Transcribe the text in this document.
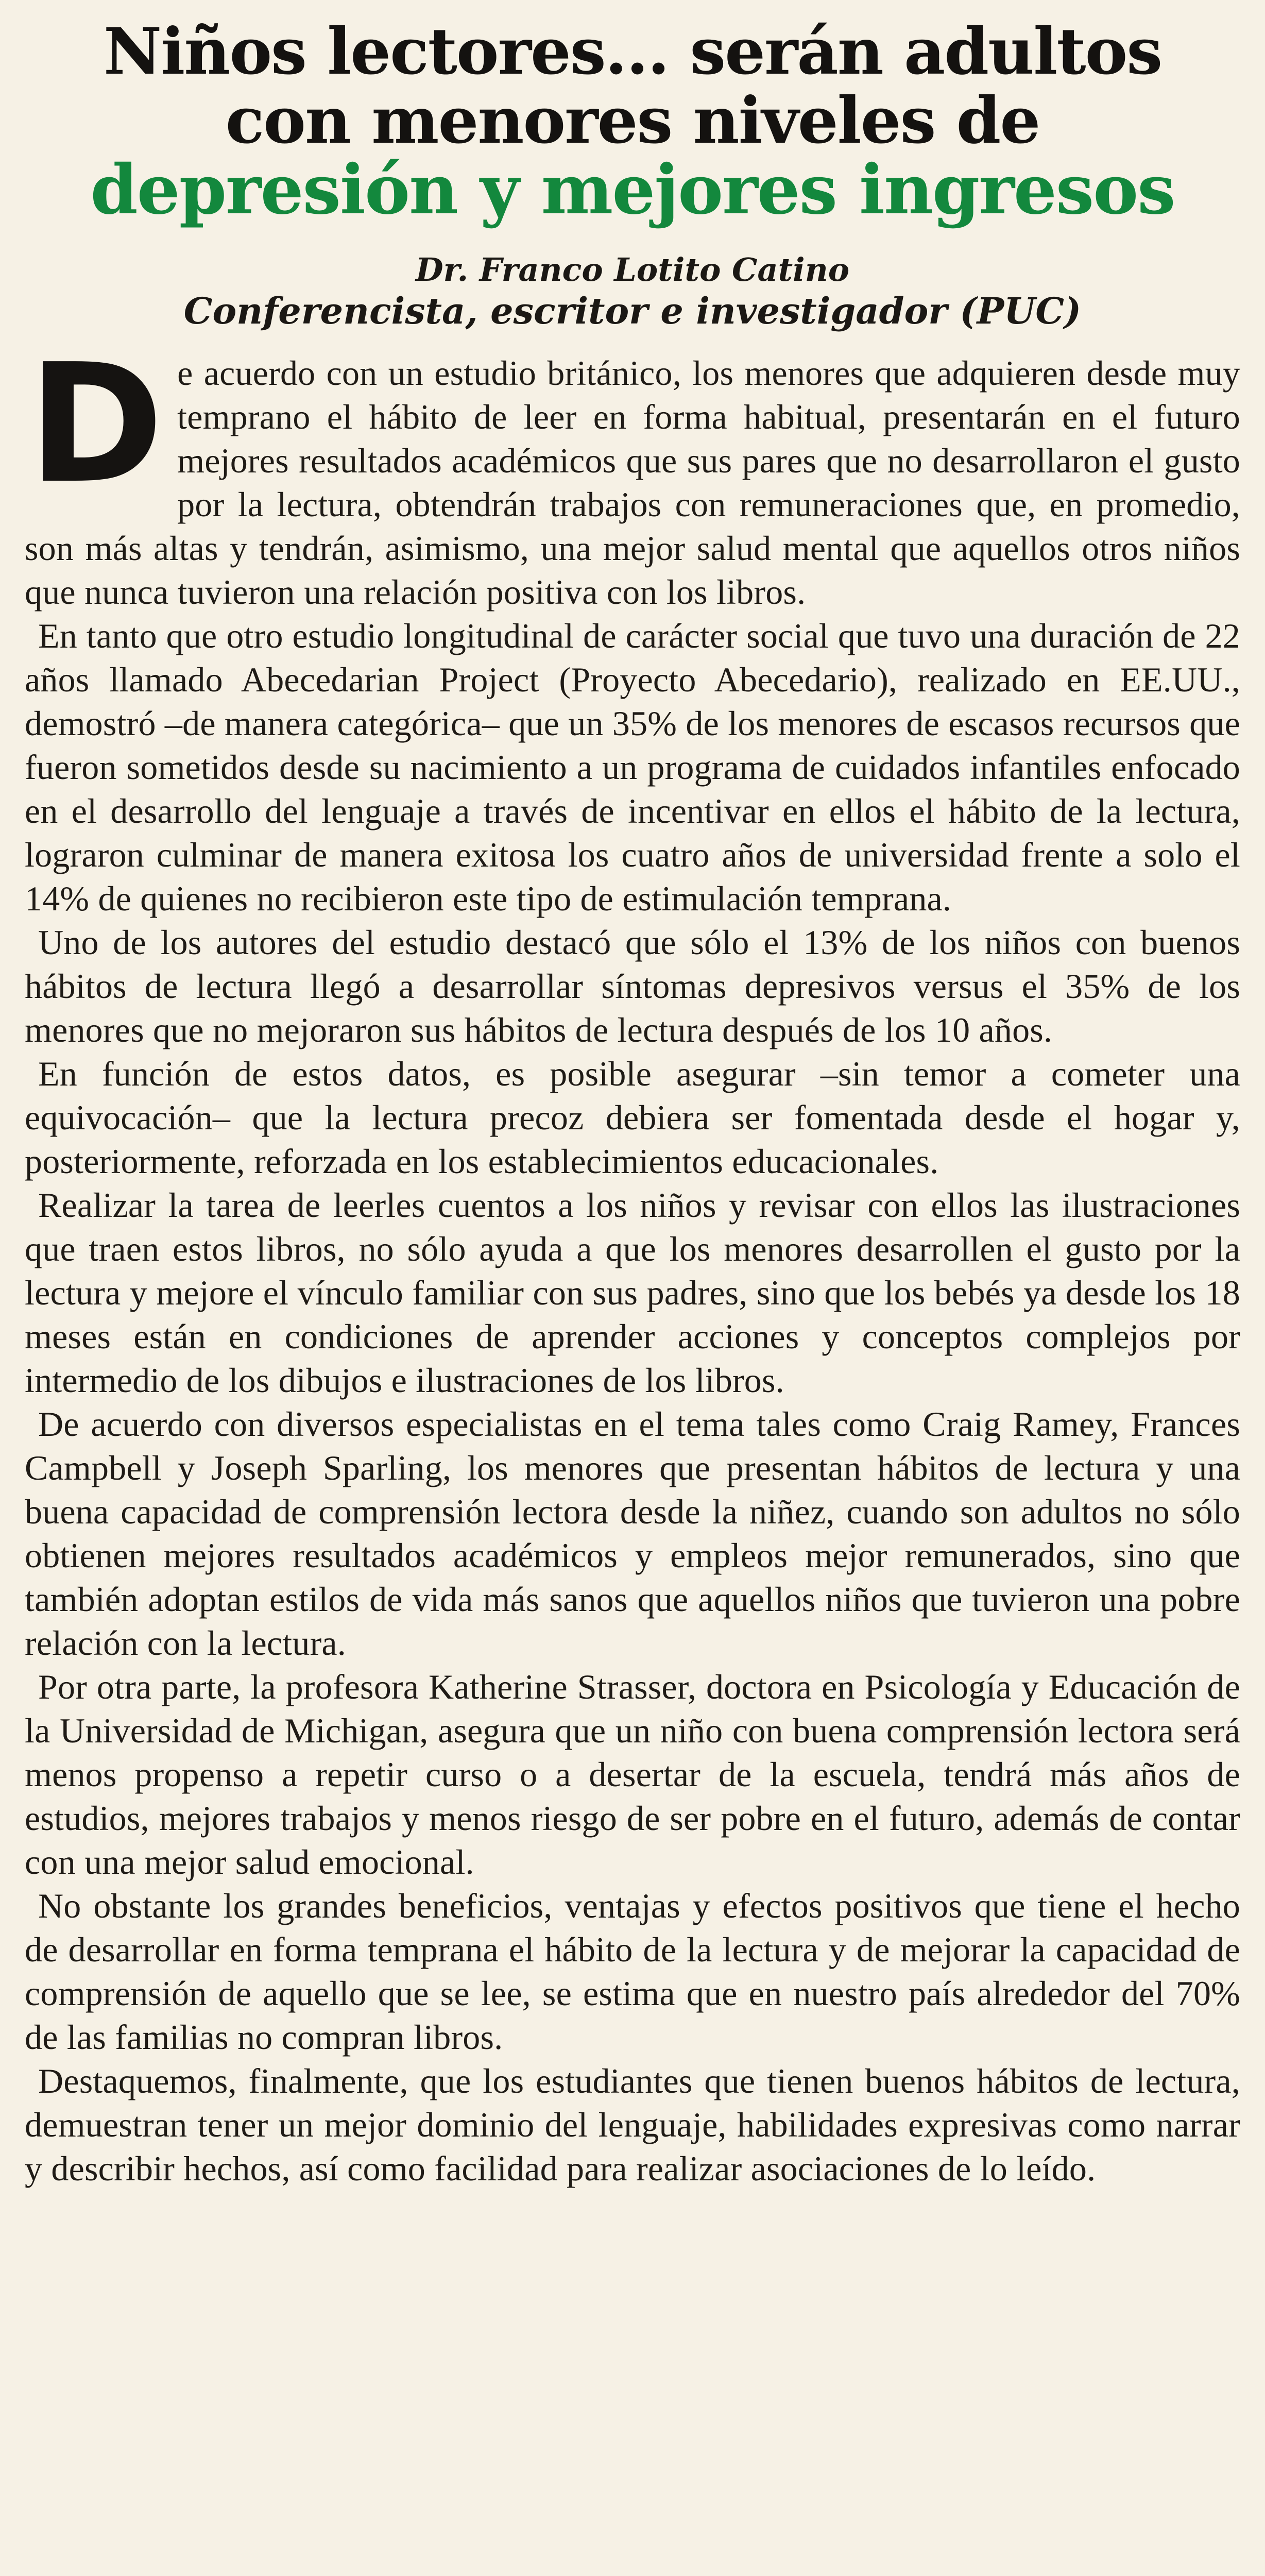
Niños lectores... serán adultos
con menores niveles de
depresión y mejores ingresos
Dr. Franco Lotito Catino
Conferencista, escritor e investigador (PUC)

De acuerdo con un estudio británico, los menores que adquieren desde muy temprano el hábito de leer en forma habitual, presentarán en el futuro mejores resultados académicos que sus pares que no desarrollaron el gusto por la lectura, obtendrán trabajos con remuneraciones que, en promedio, son más altas y tendrán, asimismo, una mejor salud mental que aquellos otros niños que nunca tuvieron una relación positiva con los libros.

En tanto que otro estudio longitudinal de carácter social que tuvo una duración de 22 años llamado Abecedarian Project (Proyecto Abecedario), realizado en EE.UU., demostró –de manera categórica– que un 35% de los menores de escasos recursos que fueron sometidos desde su nacimiento a un programa de cuidados infantiles enfocado en el desarrollo del lenguaje a través de incentivar en ellos el hábito de la lectura, lograron culminar de manera exitosa los cuatro años de universidad frente a solo el 14% de quienes no recibieron este tipo de estimulación temprana.

Uno de los autores del estudio destacó que sólo el 13% de los niños con buenos hábitos de lectura llegó a desarrollar síntomas depresivos versus el 35% de los menores que no mejoraron sus hábitos de lectura después de los 10 años.

En función de estos datos, es posible asegurar –sin temor a cometer una equivocación– que la lectura precoz debiera ser fomentada desde el hogar y, posteriormente, reforzada en los establecimientos educacionales.

Realizar la tarea de leerles cuentos a los niños y revisar con ellos las ilustraciones que traen estos libros, no sólo ayuda a que los menores desarrollen el gusto por la lectura y mejore el vínculo familiar con sus padres, sino que los bebés ya desde los 18 meses están en condiciones de aprender acciones y conceptos complejos por intermedio de los dibujos e ilustraciones de los libros.

De acuerdo con diversos especialistas en el tema tales como Craig Ramey, Frances Campbell y Joseph Sparling, los menores que presentan hábitos de lectura y una buena capacidad de comprensión lectora desde la niñez, cuando son adultos no sólo obtienen mejores resultados académicos y empleos mejor remunerados, sino que también adoptan estilos de vida más sanos que aquellos niños que tuvieron una pobre relación con la lectura.

Por otra parte, la profesora Katherine Strasser, doctora en Psicología y Educación de la Universidad de Michigan, asegura que un niño con buena comprensión lectora será menos propenso a repetir curso o a desertar de la escuela, tendrá más años de estudios, mejores trabajos y menos riesgo de ser pobre en el futuro, además de contar con una mejor salud emocional.

No obstante los grandes beneficios, ventajas y efectos positivos que tiene el hecho de desarrollar en forma temprana el hábito de la lectura y de mejorar la capacidad de comprensión de aquello que se lee, se estima que en nuestro país alrededor del 70% de las familias no compran libros.

Destaquemos, finalmente, que los estudiantes que tienen buenos hábitos de lectura, demuestran tener un mejor dominio del lenguaje, habilidades expresivas como narrar y describir hechos, así como facilidad para realizar asociaciones de lo leído.
